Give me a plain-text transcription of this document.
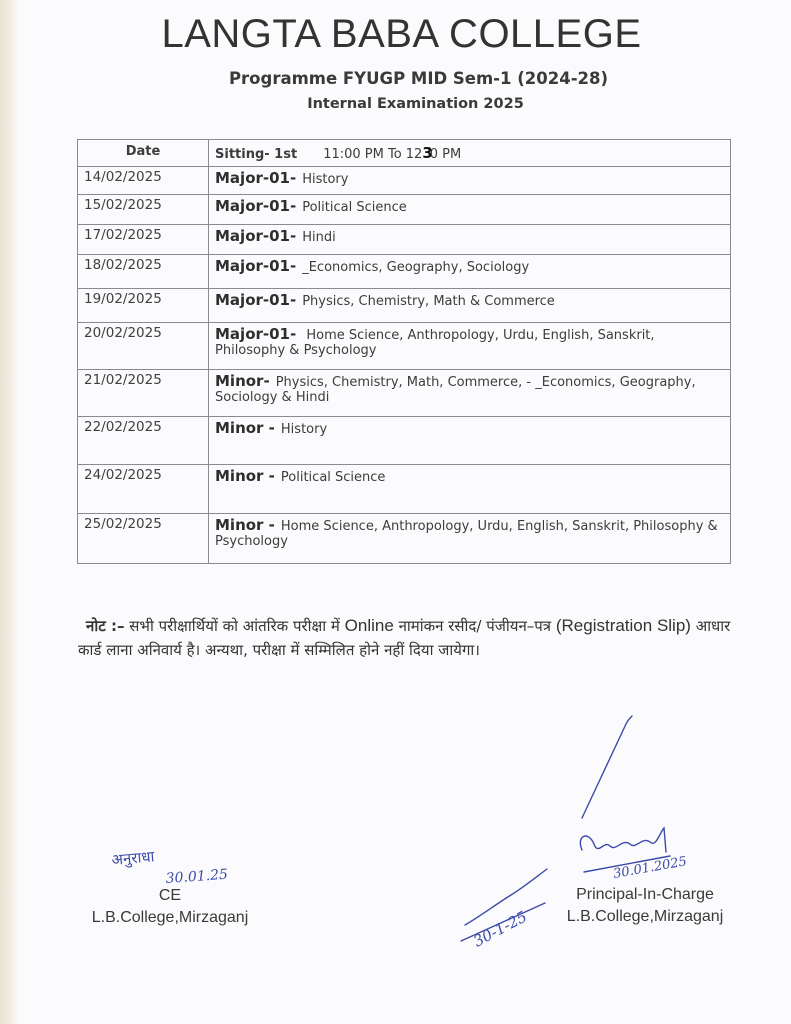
LANGTA BABA COLLEGE
Programme FYUGP MID Sem-1 (2024-28)
Internal Examination 2025
Date	Sitting- 1st 11:00 PM To 1230 PM
14/02/2025	Major-01- History
15/02/2025	Major-01- Political Science
17/02/2025	Major-01- Hindi
18/02/2025	Major-01- _Economics, Geography, Sociology
19/02/2025	Major-01- Physics, Chemistry, Math & Commerce
20/02/2025	Major-01- Home Science, Anthropology, Urdu, English, Sanskrit, Philosophy & Psychology
21/02/2025	Minor- Physics, Chemistry, Math, Commerce, - _Economics, Geography, Sociology & Hindi
22/02/2025	Minor - History
24/02/2025	Minor - Political Science
25/02/2025	Minor - Home Science, Anthropology, Urdu, English, Sanskrit, Philosophy & Psychology
नोट :– सभी परीक्षार्थियों को आंतरिक परीक्षा में Online नामांकन रसीद/ पंजीयन–पत्र (Registration Slip) आधार कार्ड लाना अनिवार्य है। अन्यथा, परीक्षा में सम्मिलित होने नहीं दिया जायेगा।
अनुराधा
30.01.25
CE
L.B.College,Mirzaganj	30-1-25
30.01.2025
Principal-In-Charge
L.B.College,Mirzaganj
